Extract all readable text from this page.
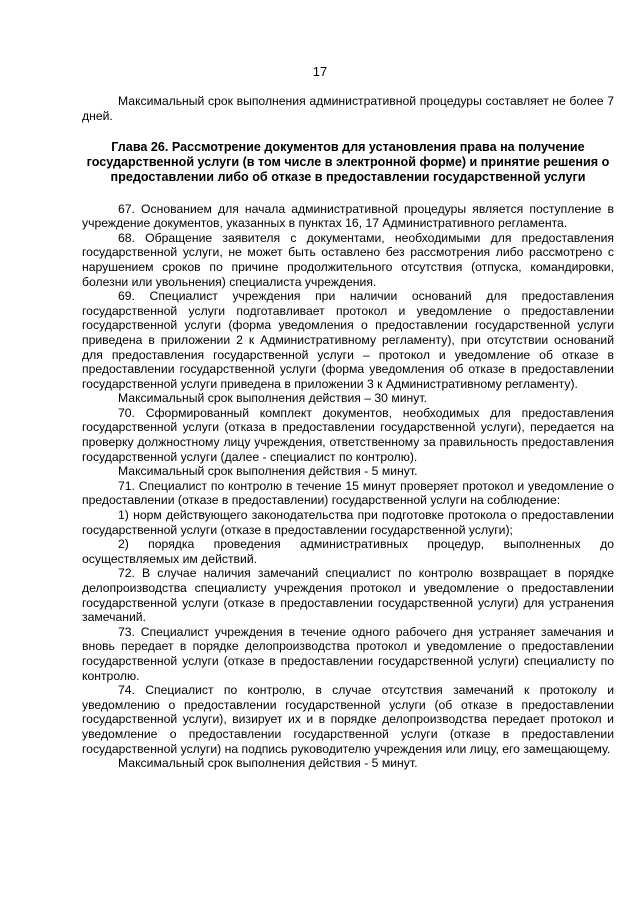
17

Максимальный срок выполнения административной процедуры составляет не более 7 дней.

Глава 26. Рассмотрение документов для установления права на получение государственной услуги (в том числе в электронной форме) и принятие решения о предоставлении либо об отказе в предоставлении государственной услуги

67. Основанием для начала административной процедуры является поступление в учреждение документов, указанных в пунктах 16, 17 Административного регламента.

68. Обращение заявителя с документами, необходимыми для предоставления государственной услуги, не может быть оставлено без рассмотрения либо рассмотрено с нарушением сроков по причине продолжительного отсутствия (отпуска, командировки, болезни или увольнения) специалиста учреждения.

69. Специалист учреждения при наличии оснований для предоставления государственной услуги подготавливает протокол и уведомление о предоставлении государственной услуги (форма уведомления о предоставлении государственной услуги приведена в приложении 2 к Административному регламенту), при отсутствии оснований для предоставления государственной услуги – протокол и уведомление об отказе в предоставлении государственной услуги (форма уведомления об отказе в предоставлении государственной услуги приведена в приложении 3 к Административному регламенту).

Максимальный срок выполнения действия – 30 минут.

70. Сформированный комплект документов, необходимых для предоставления государственной услуги (отказа в предоставлении государственной услуги), передается на проверку должностному лицу учреждения, ответственному за правильность предоставления государственной услуги (далее - специалист по контролю).

Максимальный срок выполнения действия - 5 минут.

71. Специалист по контролю в течение 15 минут проверяет протокол и уведомление о предоставлении (отказе в предоставлении) государственной услуги на соблюдение:

1) норм действующего законодательства при подготовке протокола о предоставлении государственной услуги (отказе в предоставлении государственной услуги);

2) порядка проведения административных процедур, выполненных до осуществляемых им действий.

72. В случае наличия замечаний специалист по контролю возвращает в порядке делопроизводства специалисту учреждения протокол и уведомление о предоставлении государственной услуги (отказе в предоставлении государственной услуги) для устранения замечаний.

73. Специалист учреждения в течение одного рабочего дня устраняет замечания и вновь передает в порядке делопроизводства протокол и уведомление о предоставлении государственной услуги (отказе в предоставлении государственной услуги) специалисту по контролю.

74. Специалист по контролю, в случае отсутствия замечаний к протоколу и уведомлению о предоставлении государственной услуги (об отказе в предоставлении государственной услуги), визирует их и в порядке делопроизводства передает протокол и уведомление о предоставлении государственной услуги (отказе в предоставлении государственной услуги) на подпись руководителю учреждения или лицу, его замещающему.

Максимальный срок выполнения действия - 5 минут.
